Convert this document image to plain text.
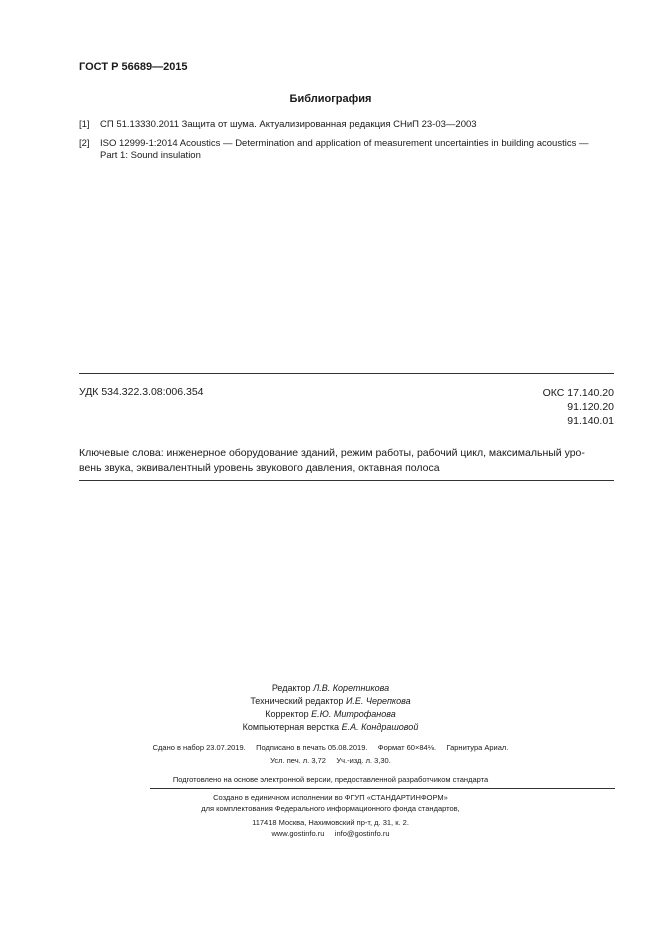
ГОСТ Р 56689—2015
Библиография
[1] СП 51.13330.2011 Защита от шума. Актуализированная редакция СНиП 23-03—2003
[2] ISO 12999-1:2014 Acoustics — Determination and application of measurement uncertainties in building acoustics —
Part 1: Sound insulation
УДК 534.322.3.08:006.354	ОКС 17.140.20
91.120.20
91.140.01
Ключевые слова: инженерное оборудование зданий, режим работы, рабочий цикл, максимальный уро-
вень звука, эквивалентный уровень звукового давления, октавная полоса
Редактор Л.В. Коретникова
Технический редактор И.Е. Черепкова
Корректор Е.Ю. Митрофанова
Компьютерная верстка Е.А. Кондрашовой
Сдано в набор 23.07.2019.     Подписано в печать 05.08.2019.     Формат 60×84⅛.     Гарнитура Ариал.
Усл. печ. л. 3,72     Уч.-изд. л. 3,30.
Подготовлено на основе электронной версии, предоставленной разработчиком стандарта
Создано в единичном исполнении во ФГУП «СТАНДАРТИНФОРМ»
для комплектования Федерального информационного фонда стандартов,
117418 Москва, Нахимовский пр-т, д. 31, к. 2.
www.gostinfo.ru     info@gostinfo.ru
